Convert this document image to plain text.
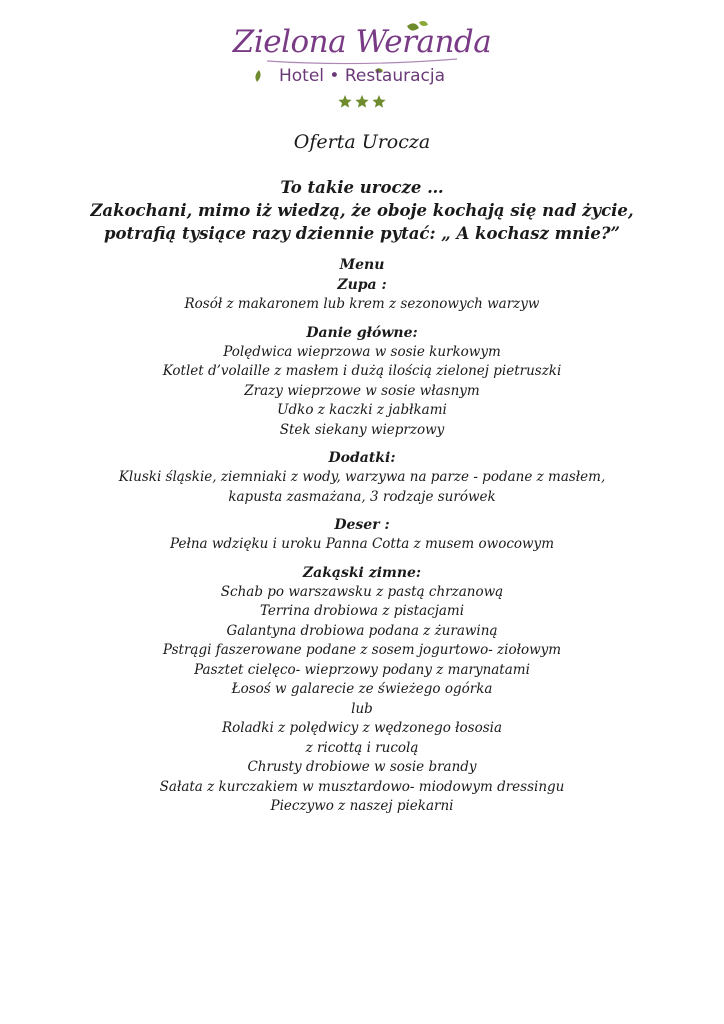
Zielona Weranda
Hotel • Restauracja
Oferta Urocza
To takie urocze …
Zakochani, mimo iż wiedzą, że oboje kochają się nad życie,
potrafią tysiące razy dziennie pytać: „ A kochasz mnie?”
Menu
Zupa :
Rosół z makaronem lub krem z sezonowych warzyw
Danie główne:
Polędwica wieprzowa w sosie kurkowym
Kotlet d’volaille z masłem i dużą ilością zielonej pietruszki
Zrazy wieprzowe w sosie własnym
Udko z kaczki z jabłkami
Stek siekany wieprzowy
Dodatki:
Kluski śląskie, ziemniaki z wody, warzywa na parze - podane z masłem,
kapusta zasmażana, 3 rodzaje surówek
Deser :
Pełna wdzięku i uroku Panna Cotta z musem owocowym
Zakąski zimne:
Schab po warszawsku z pastą chrzanową
Terrina drobiowa z pistacjami
Galantyna drobiowa podana z żurawiną
Pstrągi faszerowane podane z sosem jogurtowo- ziołowym
Pasztet cielęco- wieprzowy podany z marynatami
Łosoś w galarecie ze świeżego ogórka
lub
Roladki z polędwicy z wędzonego łososia
z ricottą i rucolą
Chrusty drobiowe w sosie brandy
Sałata z kurczakiem w musztardowo- miodowym dressingu
Pieczywo z naszej piekarni
